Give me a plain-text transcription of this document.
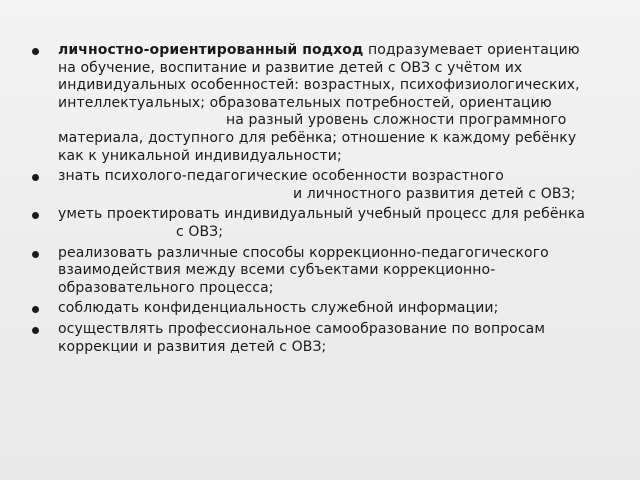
личностно-ориентированный подход подразумевает ориентацию на обучение, воспитание и развитие детей с ОВЗ с учётом их индивидуальных особенностей: возрастных, психофизиологических, интеллектуальных; образовательных потребностей, ориентациюна разный уровень сложности программного материала, доступного для ребёнка; отношение к каждому ребёнку как к уникальной индивидуальности;
знать психолого-педагогические особенности возрастногои личностного развития детей с ОВЗ;
уметь проектировать индивидуальный учебный процесс для ребёнкас ОВЗ;
реализовать различные способы коррекционно-педагогического взаимодействия между всеми субъектами коррекционно-образовательного процесса;
соблюдать конфиденциальность служебной информации;
осуществлять профессиональное самообразование по вопросам коррекции и развития детей с ОВЗ;
